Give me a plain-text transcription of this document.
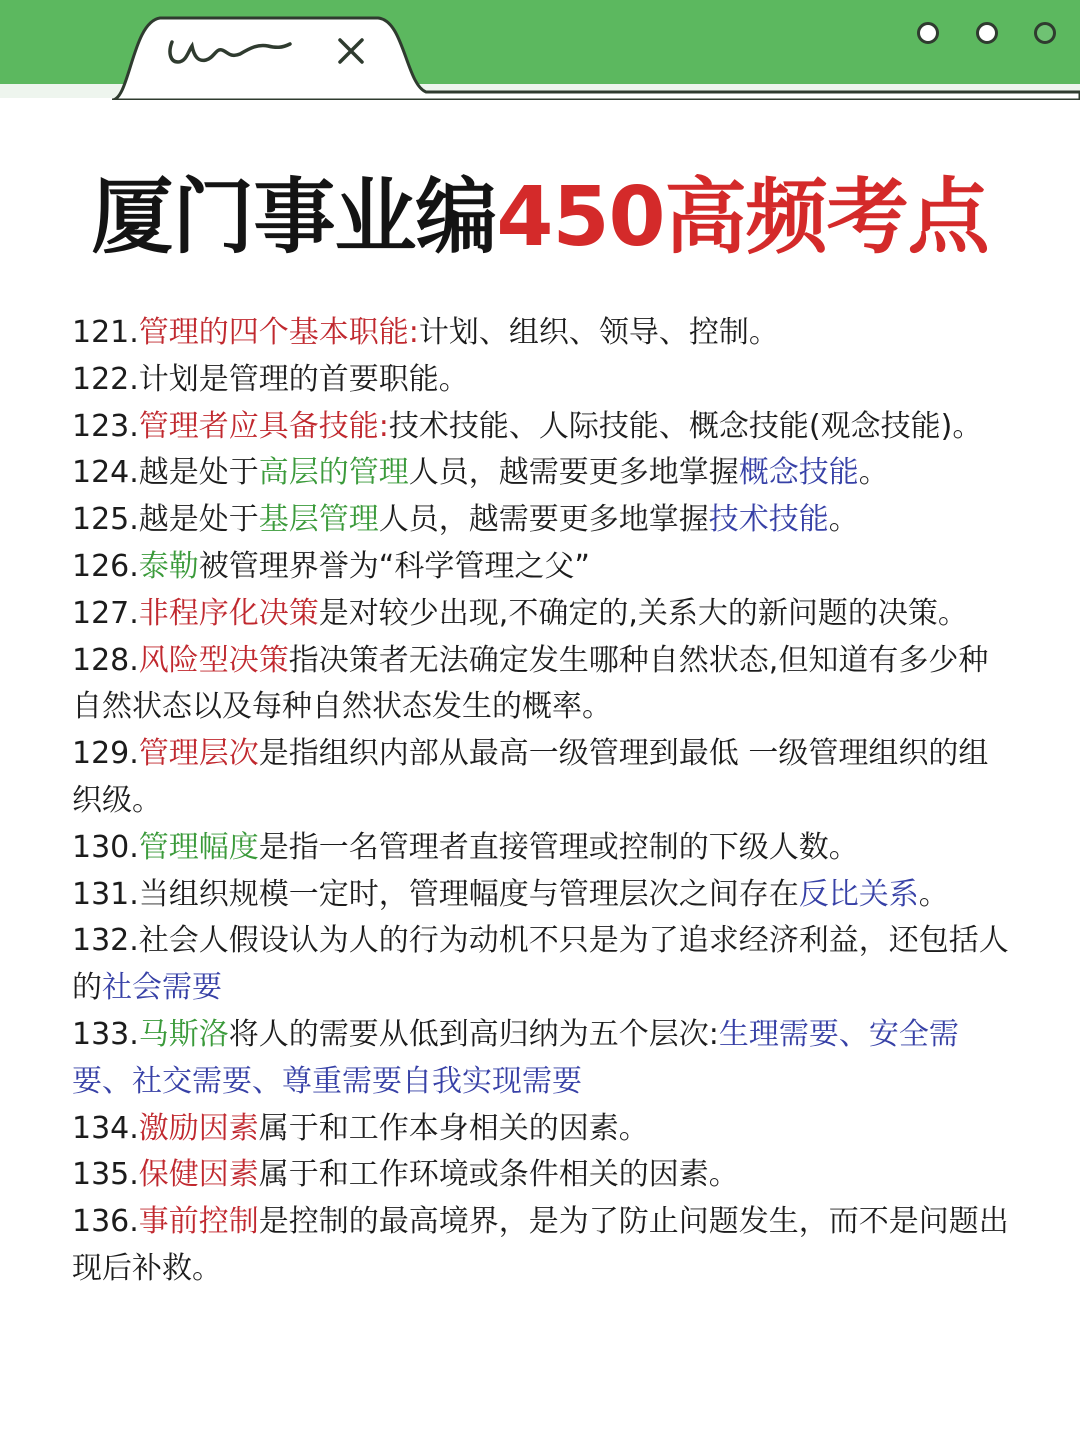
厦门事业编450高频考点

121.管理的四个基本职能:计划、组织、领导、控制。

122.计划是管理的首要职能。

123.管理者应具备技能:技术技能、人际技能、概念技能(观念技能)。

124.越是处于高层的管理人员，越需要更多地掌握概念技能。

125.越是处于基层管理人员，越需要更多地掌握技术技能。

126.泰勒被管理界誉为“科学管理之父”

127.非程序化决策是对较少出现,不确定的,关系大的新问题的决策。

128.风险型决策指决策者无法确定发生哪种自然状态,但知道有多少种自然状态以及每种自然状态发生的概率。

129.管理层次是指组织内部从最高一级管理到最低 一级管理组织的组织级。

130.管理幅度是指一名管理者直接管理或控制的下级人数。

131.当组织规模一定时，管理幅度与管理层次之间存在反比关系。

132.社会人假设认为人的行为动机不只是为了追求经济利益，还包括人的社会需要

133.马斯洛将人的需要从低到高归纳为五个层次:生理需要、安全需要、社交需要、尊重需要自我实现需要

134.激励因素属于和工作本身相关的因素。

135.保健因素属于和工作环境或条件相关的因素。

136.事前控制是控制的最高境界，是为了防止问题发生，而不是问题出现后补救。
